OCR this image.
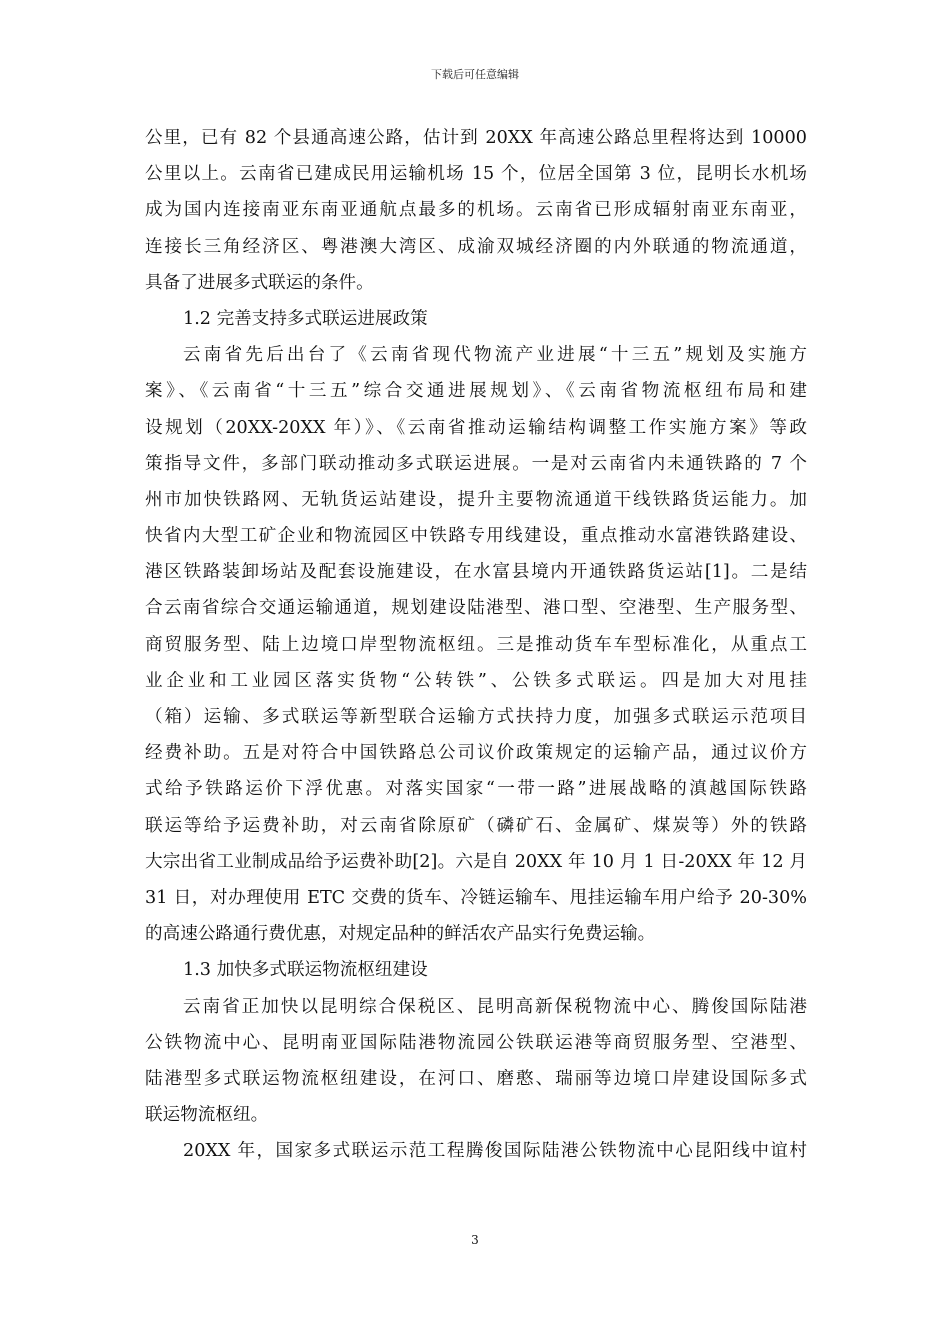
下载后可任意编辑
公里，已有 82 个县通高速公路，估计到 20XX 年高速公路总里程将达到 10000
公里以上。云南省已建成民用运输机场 15 个，位居全国第 3 位，昆明长水机场
成为国内连接南亚东南亚通航点最多的机场。云南省已形成辐射南亚东南亚，
连接长三角经济区、粤港澳大湾区、成渝双城经济圈的内外联通的物流通道，
具备了进展多式联运的条件。
1.2 完善支持多式联运进展政策
云南省先后出台了《云南省现代物流产业进展“十三五”规划及实施方
案》、《云南省“十三五”综合交通进展规划》、《云南省物流枢纽布局和建
设规划（20XX-20XX 年）》、《云南省推动运输结构调整工作实施方案》等政
策指导文件，多部门联动推动多式联运进展。一是对云南省内未通铁路的 7 个
州市加快铁路网、无轨货运站建设，提升主要物流通道干线铁路货运能力。加
快省内大型工矿企业和物流园区中铁路专用线建设，重点推动水富港铁路建设、
港区铁路装卸场站及配套设施建设，在水富县境内开通铁路货运站[1]。二是结
合云南省综合交通运输通道，规划建设陆港型、港口型、空港型、生产服务型、
商贸服务型、陆上边境口岸型物流枢纽。三是推动货车车型标准化，从重点工
业企业和工业园区落实货物“公转铁”、公铁多式联运。四是加大对甩挂
（箱）运输、多式联运等新型联合运输方式扶持力度，加强多式联运示范项目
经费补助。五是对符合中国铁路总公司议价政策规定的运输产品，通过议价方
式给予铁路运价下浮优惠。对落实国家“一带一路”进展战略的滇越国际铁路
联运等给予运费补助，对云南省除原矿（磷矿石、金属矿、煤炭等）外的铁路
大宗出省工业制成品给予运费补助[2]。六是自 20XX 年 10 月 1 日-20XX 年 12 月
31 日，对办理使用 ETC 交费的货车、冷链运输车、甩挂运输车用户给予 20-30%
的高速公路通行费优惠，对规定品种的鲜活农产品实行免费运输。
1.3 加快多式联运物流枢纽建设
云南省正加快以昆明综合保税区、昆明高新保税物流中心、腾俊国际陆港
公铁物流中心、昆明南亚国际陆港物流园公铁联运港等商贸服务型、空港型、
陆港型多式联运物流枢纽建设，在河口、磨憨、瑞丽等边境口岸建设国际多式
联运物流枢纽。
20XX 年，国家多式联运示范工程腾俊国际陆港公铁物流中心昆阳线中谊村
3
